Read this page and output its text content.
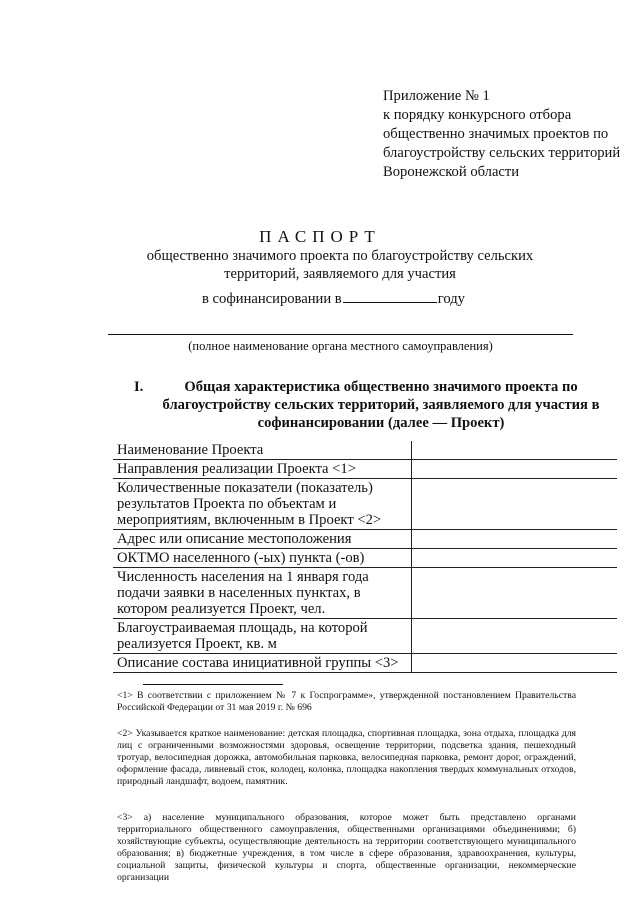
Приложение № 1
к порядку конкурсного отбора
общественно значимых проектов по
благоустройству сельских территорий
Воронежской области
ПАСПОРТ
общественно значимого проекта по благоустройству сельских
территорий, заявляемого для участия
в софинансировании в	году
(полное наименование органа местного самоуправления)
I.	Общая характеристика общественно значимого проекта по благоустройству сельских территорий, заявляемого для участия в софинансировании (далее — Проект)
Наименование Проекта	
Направления реализации Проекта <1>	
Количественные показатели (показатель) результатов Проекта по объектам и мероприятиям, включенным в Проект <2>	
Адрес или описание местоположения	
ОКТМО населенного (-ых) пункта (-ов)	
Численность населения на 1 января года подачи заявки в населенных пунктах, в котором реализуется Проект, чел.	
Благоустраиваемая площадь, на которой реализуется Проект, кв. м	
Описание состава инициативной группы <3>	
<1> В соответствии с приложением № 7 к Госпрограмме», утвержденной постановлением Правительства Российской Федерации от 31 мая 2019 г. № 696
<2> Указывается краткое наименование: детская площадка, спортивная площадка, зона отдыха, площадка для лиц с ограниченными возможностями здоровья, освещение территории, подсветка здания, пешеходный тротуар, велосипедная дорожка, автомобильная парковка, велосипедная парковка, ремонт дорог, ограждений, оформление фасада, ливневый сток, колодец, колонка, площадка накопления твердых коммунальных отходов, природный ландшафт, водоем, памятник.
<3> а) население муниципального образования, которое может быть представлено органами территориального общественного самоуправления, общественными организациями объединениями; б) хозяйствующие субъекты, осуществляющие деятельность на территории соответствующего муниципального образования; в) бюджетные учреждения, в том числе в сфере образования, здравоохранения, культуры, социальной защиты, физической культуры и спорта, общественные организации, некоммерческие организации
